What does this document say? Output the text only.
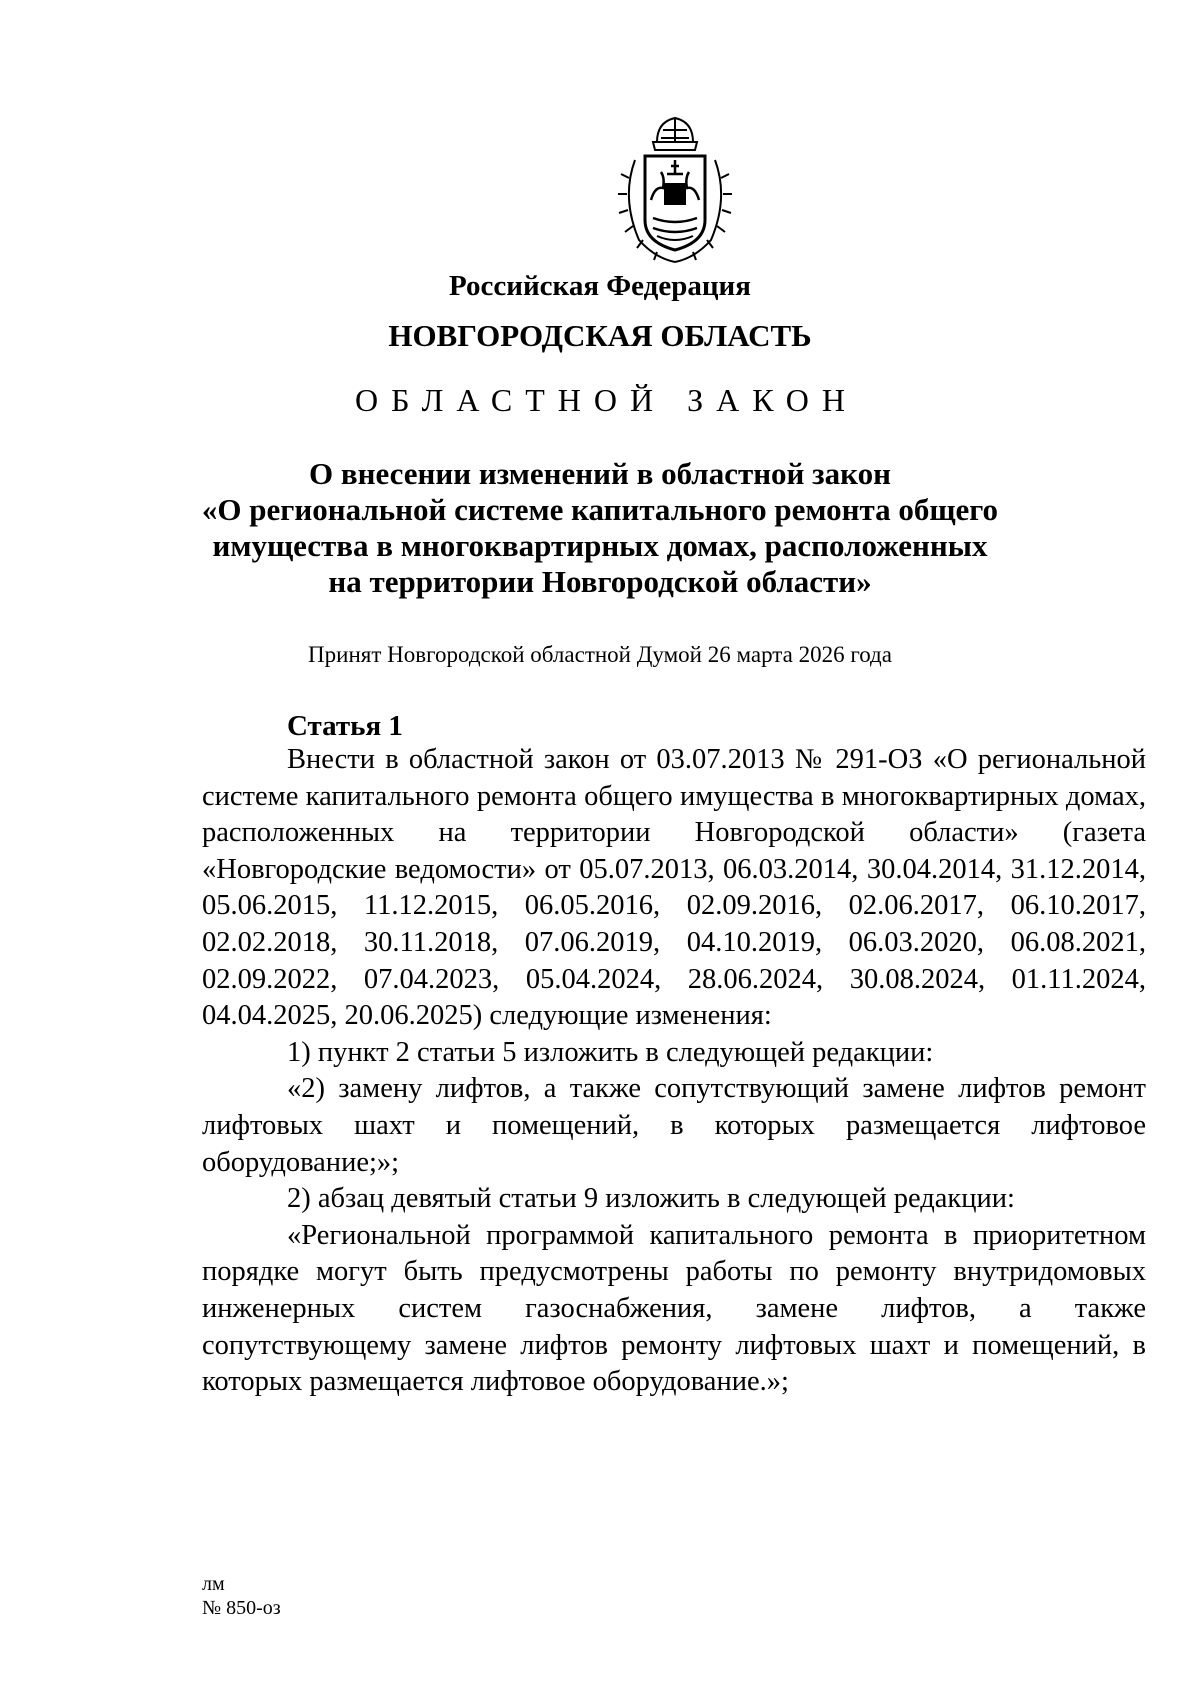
Российская Федерация
НОВГОРОДСКАЯ ОБЛАСТЬ
ОБЛАСТНОЙ ЗАКОН
О внесении изменений в областной закон
«О региональной системе капитального ремонта общего
имущества в многоквартирных домах, расположенных
на территории Новгородской области»
Принят Новгородской областной Думой 26 марта 2026 года
Статья 1

Внести в областной закон от 03.07.2013 № 291-ОЗ «О региональной системе капитального ремонта общего имущества в многоквартирных домах, расположенных на территории Новгородской области» (газета «Новгородские ведомости» от 05.07.2013, 06.03.2014, 30.04.2014, 31.12.2014, 05.06.2015, 11.12.2015, 06.05.2016, 02.09.2016, 02.06.2017, 06.10.2017, 02.02.2018, 30.11.2018, 07.06.2019, 04.10.2019, 06.03.2020, 06.08.2021, 02.09.2022, 07.04.2023, 05.04.2024, 28.06.2024, 30.08.2024, 01.11.2024, 04.04.2025, 20.06.2025) следующие изменения:

1) пункт 2 статьи 5 изложить в следующей редакции:

«2) замену лифтов, а также сопутствующий замене лифтов ремонт лифтовых шахт и помещений, в которых размещается лифтовое оборудование;»;

2) абзац девятый статьи 9 изложить в следующей редакции:

«Региональной программой капитального ремонта в приоритетном порядке могут быть предусмотрены работы по ремонту внутридомовых инженерных систем газоснабжения, замене лифтов, а также сопутствующему замене лифтов ремонту лифтовых шахт и помещений, в которых размещается лифтовое оборудование.»;

лм
№ 850-оз
